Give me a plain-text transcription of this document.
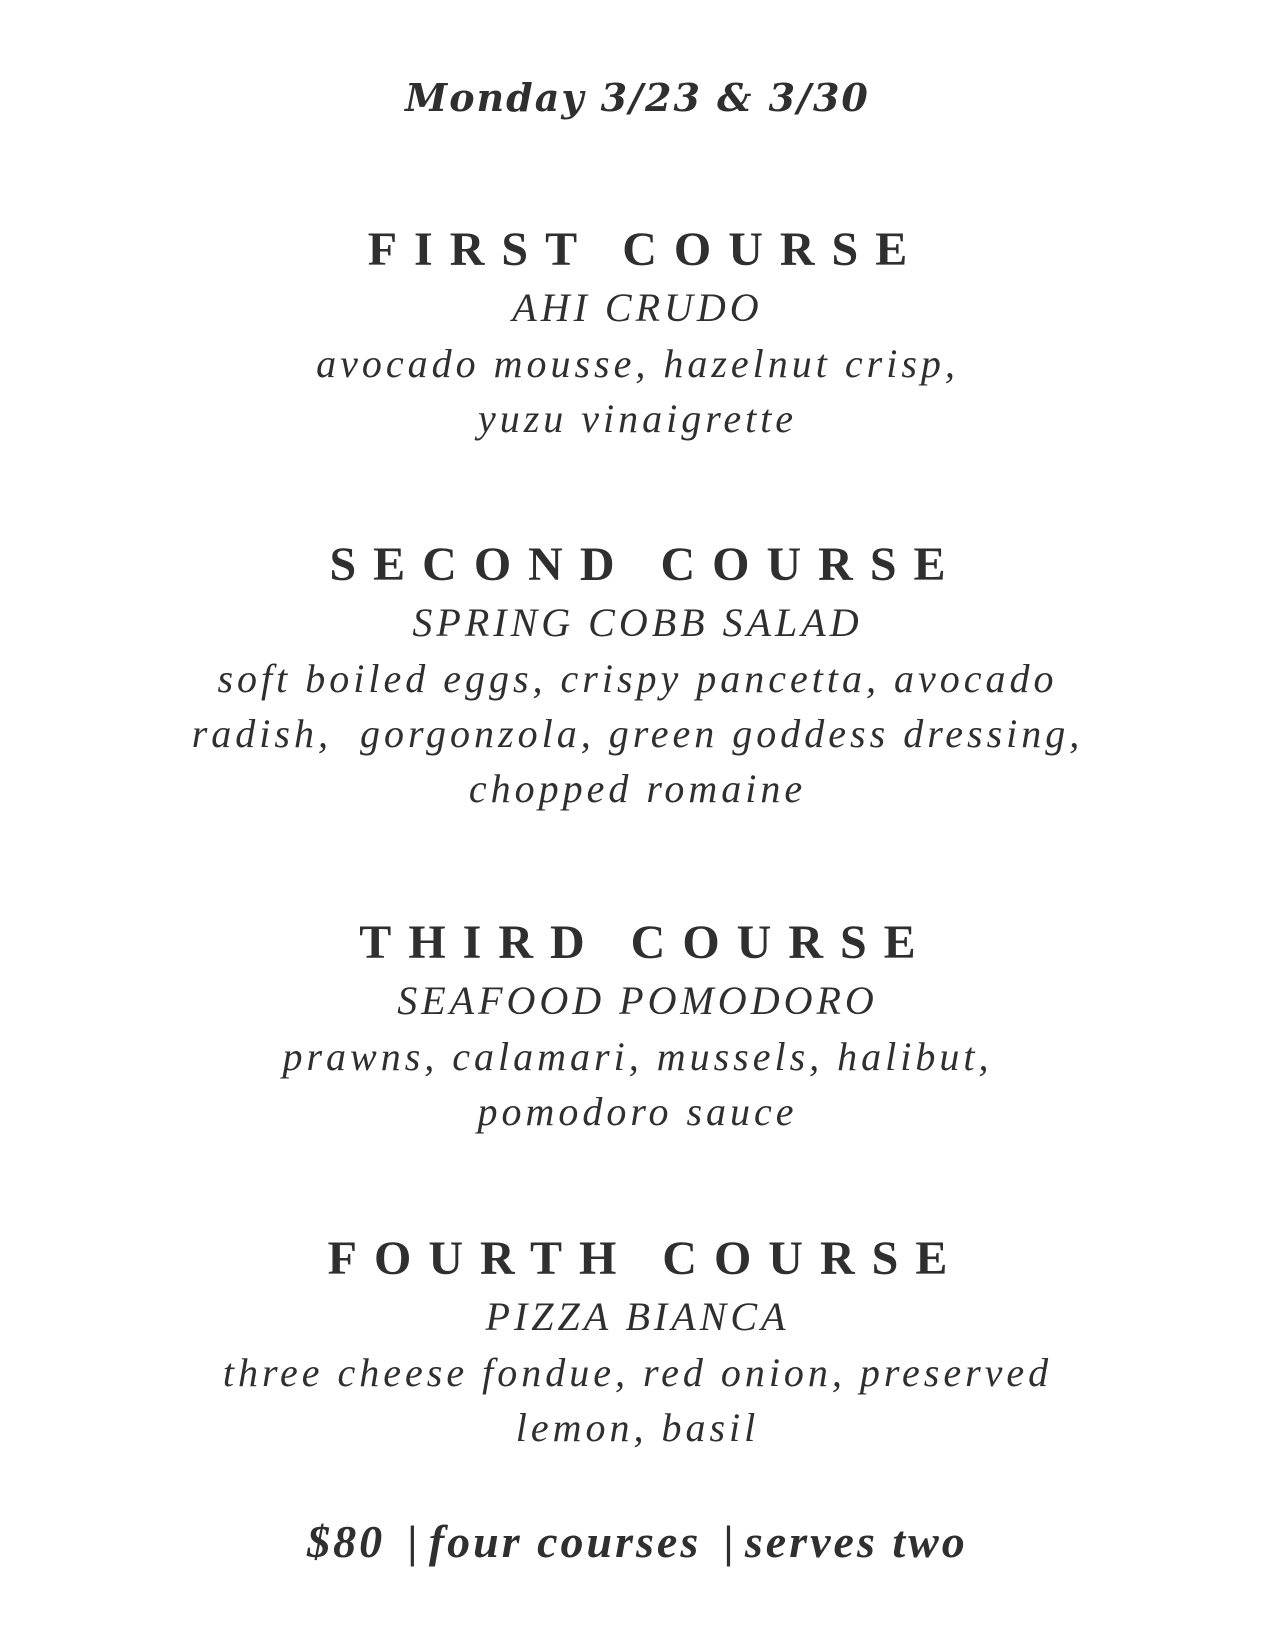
Monday 3/23 & 3/30
FIRST COURSE
AHI CRUDO
avocado mousse, hazelnut crisp,
yuzu vinaigrette
SECOND COURSE
SPRING COBB SALAD
soft boiled eggs, crispy pancetta, avocado
radish,  gorgonzola, green goddess dressing,
chopped romaine
THIRD COURSE
SEAFOOD POMODORO
prawns, calamari, mussels, halibut,
pomodoro sauce
FOURTH COURSE
PIZZA BIANCA
three cheese fondue, red onion, preserved
lemon, basil
$80 | four courses | serves two
